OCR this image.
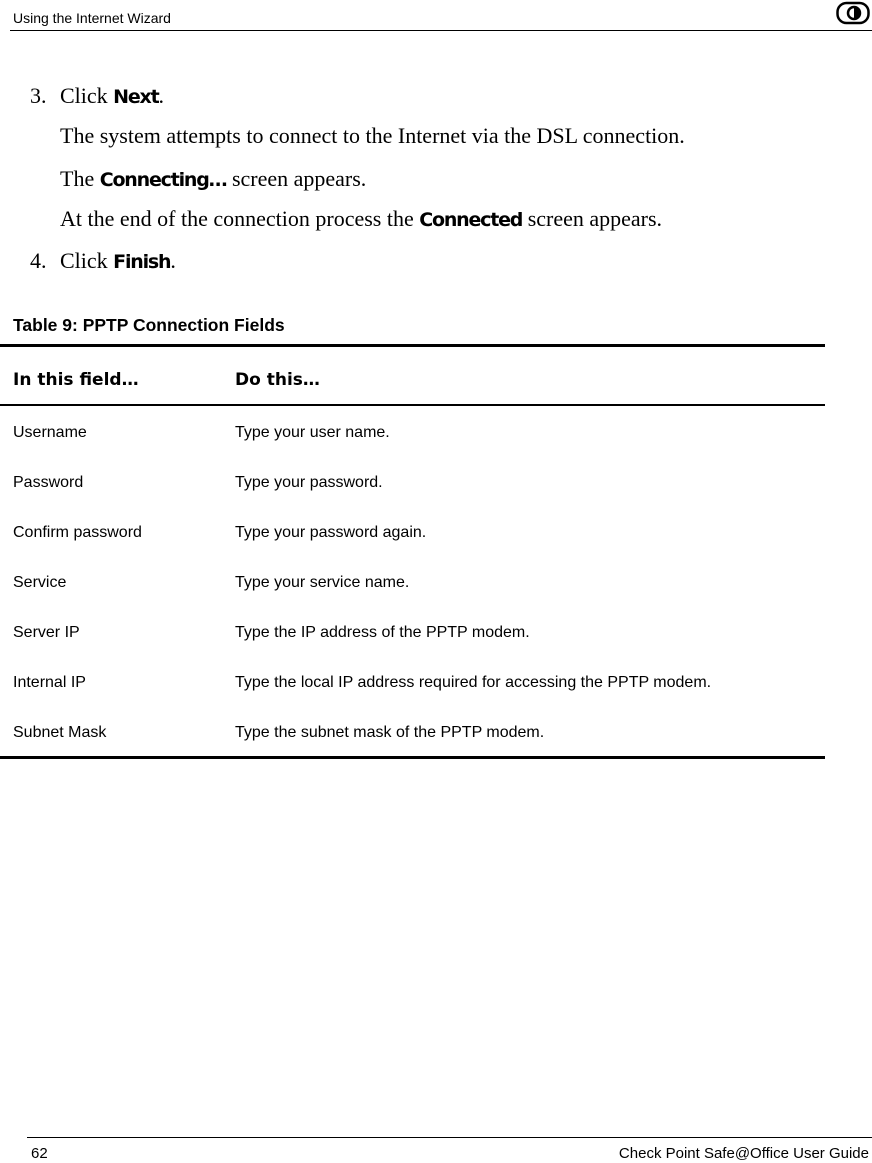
Using the Internet Wizard
3. Click Next.
The system attempts to connect to the Internet via the DSL connection.
The Connecting… screen appears.
At the end of the connection process the Connected screen appears.
4. Click Finish.
Table 9: PPTP Connection Fields
In this field…	Do this…
Username	Type your user name.
Password	Type your password.
Confirm password	Type your password again.
Service	Type your service name.
Server IP	Type the IP address of the PPTP modem.
Internal IP	Type the local IP address required for accessing the PPTP modem.
Subnet Mask	Type the subnet mask of the PPTP modem.
62	Check Point Safe@Office User Guide
